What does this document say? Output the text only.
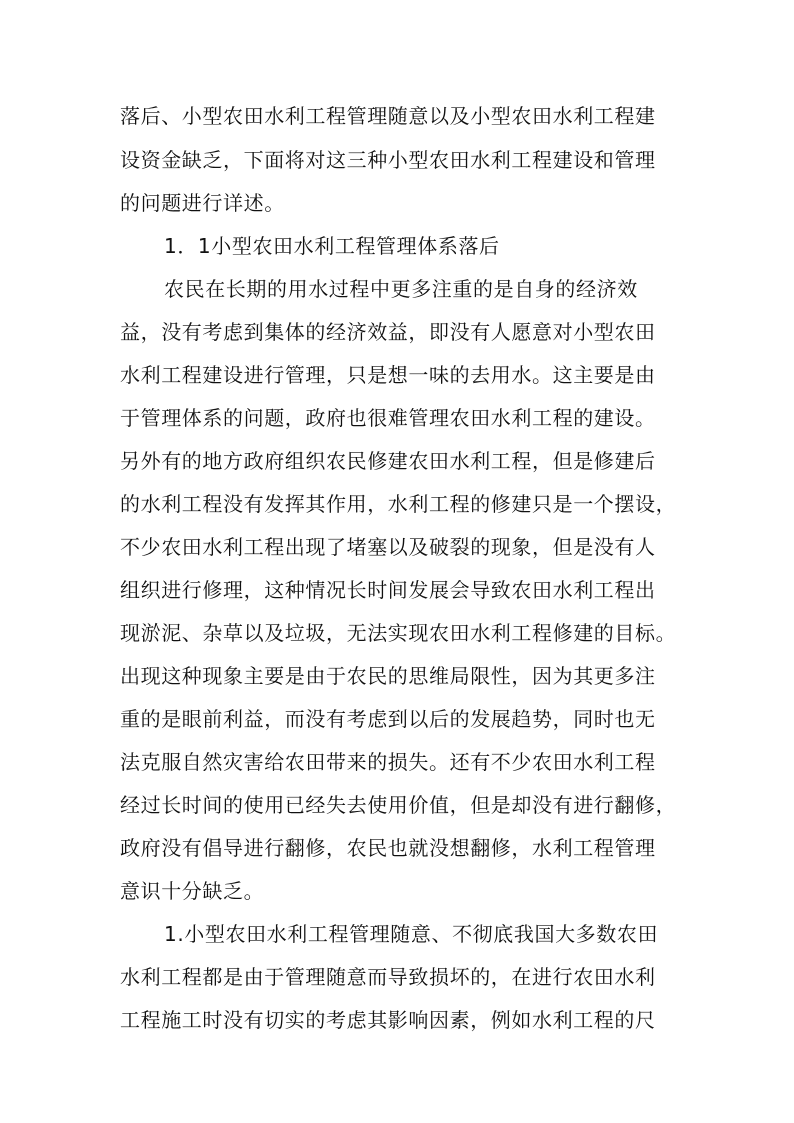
落后、小型农田水利工程管理随意以及小型农田水利工程建
设资金缺乏，下面将对这三种小型农田水利工程建设和管理
的问题进行详述。
1．1小型农田水利工程管理体系落后
农民在长期的用水过程中更多注重的是自身的经济效
益，没有考虑到集体的经济效益，即没有人愿意对小型农田
水利工程建设进行管理，只是想一味的去用水。这主要是由
于管理体系的问题，政府也很难管理农田水利工程的建设。
另外有的地方政府组织农民修建农田水利工程，但是修建后
的水利工程没有发挥其作用，水利工程的修建只是一个摆设，
不少农田水利工程出现了堵塞以及破裂的现象，但是没有人
组织进行修理，这种情况长时间发展会导致农田水利工程出
现淤泥、杂草以及垃圾，无法实现农田水利工程修建的目标。
出现这种现象主要是由于农民的思维局限性，因为其更多注
重的是眼前利益，而没有考虑到以后的发展趋势，同时也无
法克服自然灾害给农田带来的损失。还有不少农田水利工程
经过长时间的使用已经失去使用价值，但是却没有进行翻修，
政府没有倡导进行翻修，农民也就没想翻修，水利工程管理
意识十分缺乏。
1.小型农田水利工程管理随意、不彻底我国大多数农田
水利工程都是由于管理随意而导致损坏的，在进行农田水利
工程施工时没有切实的考虑其影响因素，例如水利工程的尺
